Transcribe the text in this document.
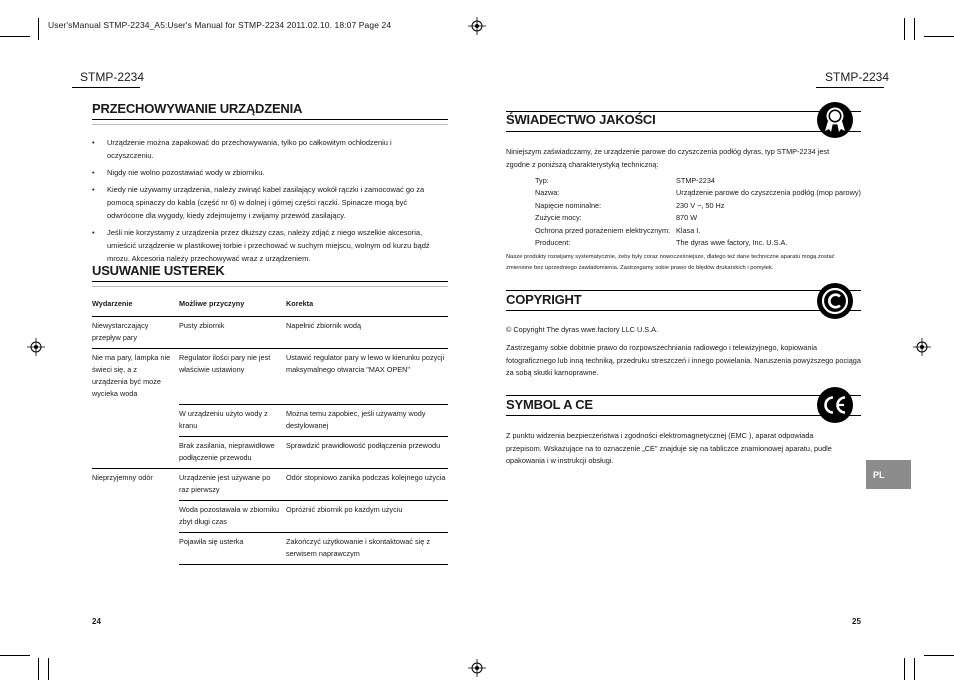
User'sManual STMP-2234_A5:User's Manual for STMP-2234 2011.02.10. 18:07 Page 24
STMP-2234
PRZECHOWYWANIE URZĄDZENIA
• Urządzenie można zapakować do przechowywania, tylko po całkowitym ochłodzeniu i oczyszczeniu.
• Nigdy nie wolno pozostawiać wody w zbiorniku.
• Kiedy nie używamy urządzenia, należy zwinąć kabel zasilający wokół rączki i zamocować go za pomocą spinaczy do kabla (część nr 6) w dolnej i górnej części rączki. Spinacze mogą być odwrócone dla wygody, kiedy zdejmujemy i zwijamy przewód zasilający.
• Jeśli nie korzystamy z urządzenia przez dłuższy czas, należy zdjąć z niego wszelkie akcesoria, umieścić urządzenie w plastikowej torbie i przechować w suchym miejscu, wolnym od kurzu bądź mrozu. Akcesoria należy przechowywać wraz z urządzeniem.
USUWANIE USTEREK
Wydarzenie	Możliwe przyczyny	Korekta
Niewystarczający przepływ pary	Pusty zbiornik	Napełnić zbiornik wodą
Nie ma pary, lampka nie świeci się, a z urządzenia być może wycieka woda	Regulator ilości pary nie jest właściwie ustawiony	Ustawić regulator pary w lewo w kierunku pozycji maksymalnego otwarcia "MAX OPEN"
	W urządzeniu użyto wody z kranu	Można temu zapobiec, jeśli używamy wody destylowanej
	Brak zasilania, nieprawidłowe podłączenie przewodu	Sprawdzić prawidłowość podłączenia przewodu
Nieprzyjemny odór	Urządzenie jest używane po raz pierwszy	Odór stopniowo zanika podczas kolejnego użycia
	Woda pozostawała w zbiorniku zbyt długi czas	Opróżnić zbiornik po każdym użyciu
	Pojawiła się usterka	Zakończyć użytkowanie i skontaktować się z serwisem naprawczym
24
STMP-2234
ŚWIADECTWO JAKOŚCI
Niniejszym zaświadczamy, że urządzenie parowe do czyszczenia podłóg dyras, typ STMP-2234 jest zgodne z poniższą charakterystyką techniczną:
Typ:	STMP-2234
Nazwa:	Urządzenie parowe do czyszczenia podłóg (mop parowy)
Napięcie nominalne:	230 V ~, 50 Hz
Zużycie mocy:	870 W
Ochrona przed porażeniem elektrycznym: Klasa I.
Producent:	The dyras wwe factory, Inc. U.S.A.
Nasze produkty rozwijamy systematycznie, żeby były coraz nowocześniejsze, dlatego też dane techniczne aparatu mogą zostać zmienione bez uprzedniego zawiadomienia. Zastrzegamy sobie prawo do błędów drukarskich i pomyłek.
COPYRIGHT
© Copyright The dyras wwe.factory LLC U.S.A.
Zastrzegamy sobie dobitnie prawo do rozpowszechniania radiowego i telewizyjnego, kopiowania fotograficznego lub inną techniką, przedruku streszczeń i innego powielania. Naruszenia powyższego pociąga za sobą skutki karnoprawne.
SYMBOL A CE
Z punktu widzenia bezpieczeństwa i zgodności elektromagnetycznej (EMC ), aparat odpowiada przepisom. Wskazujące na to oznaczenie „CE" znajduje się na tabliczce znamionowej aparatu, pudle opakowania i w instrukcji obsługi.
PL
25
